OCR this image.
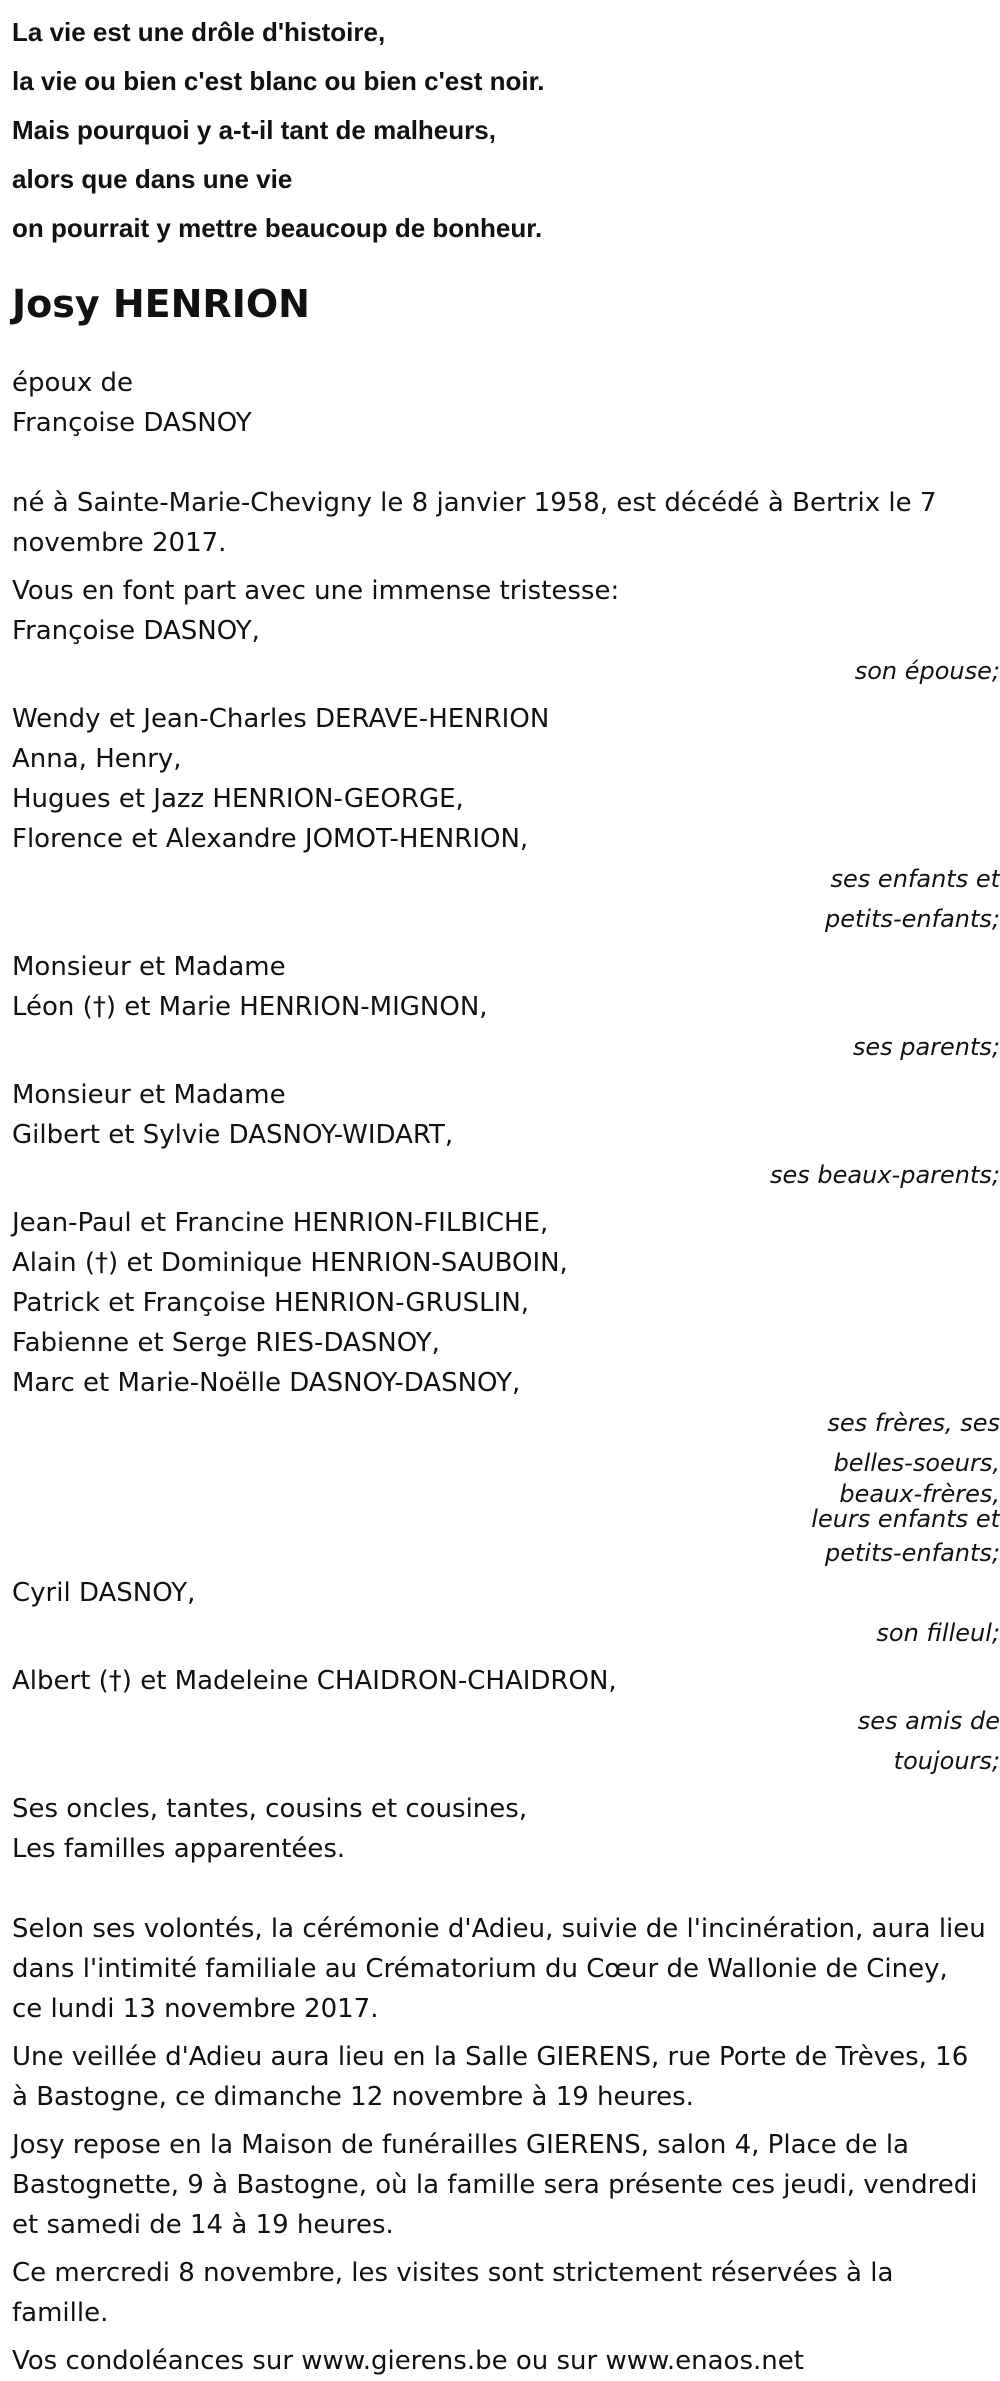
La vie est une drôle d'histoire,
la vie ou bien c'est blanc ou bien c'est noir.
Mais pourquoi y a-t-il tant de malheurs,
alors que dans une vie
on pourrait y mettre beaucoup de bonheur.
Josy HENRION
époux de
Françoise DASNOY
né à Sainte-Marie-Chevigny le 8 janvier 1958, est décédé à Bertrix le 7
novembre 2017.
Vous en font part avec une immense tristesse:
Françoise DASNOY,
son épouse;
Wendy et Jean-Charles DERAVE-HENRION
Anna, Henry,
Hugues et Jazz HENRION-GEORGE,
Florence et Alexandre JOMOT-HENRION,
ses enfants et
petits-enfants;
Monsieur et Madame
Léon (†) et Marie HENRION-MIGNON,
ses parents;
Monsieur et Madame
Gilbert et Sylvie DASNOY-WIDART,
ses beaux-parents;
Jean-Paul et Francine HENRION-FILBICHE,
Alain (†) et Dominique HENRION-SAUBOIN,
Patrick et Françoise HENRION-GRUSLIN,
Fabienne et Serge RIES-DASNOY,
Marc et Marie-Noëlle DASNOY-DASNOY,
ses frères, ses
belles-soeurs,
beaux-frères,
leurs enfants et
petits-enfants;
Cyril DASNOY,
son filleul;
Albert (†) et Madeleine CHAIDRON-CHAIDRON,
ses amis de
toujours;
Ses oncles, tantes, cousins et cousines,
Les familles apparentées.
Selon ses volontés, la cérémonie d'Adieu, suivie de l'incinération, aura lieu
dans l'intimité familiale au Crématorium du Cœur de Wallonie de Ciney,
ce lundi 13 novembre 2017.
Une veillée d'Adieu aura lieu en la Salle GIERENS, rue Porte de Trèves, 16
à Bastogne, ce dimanche 12 novembre à 19 heures.
Josy repose en la Maison de funérailles GIERENS, salon 4, Place de la
Bastognette, 9 à Bastogne, où la famille sera présente ces jeudi, vendredi
et samedi de 14 à 19 heures.
Ce mercredi 8 novembre, les visites sont strictement réservées à la
famille.
Vos condoléances sur www.gierens.be ou sur www.enaos.net
